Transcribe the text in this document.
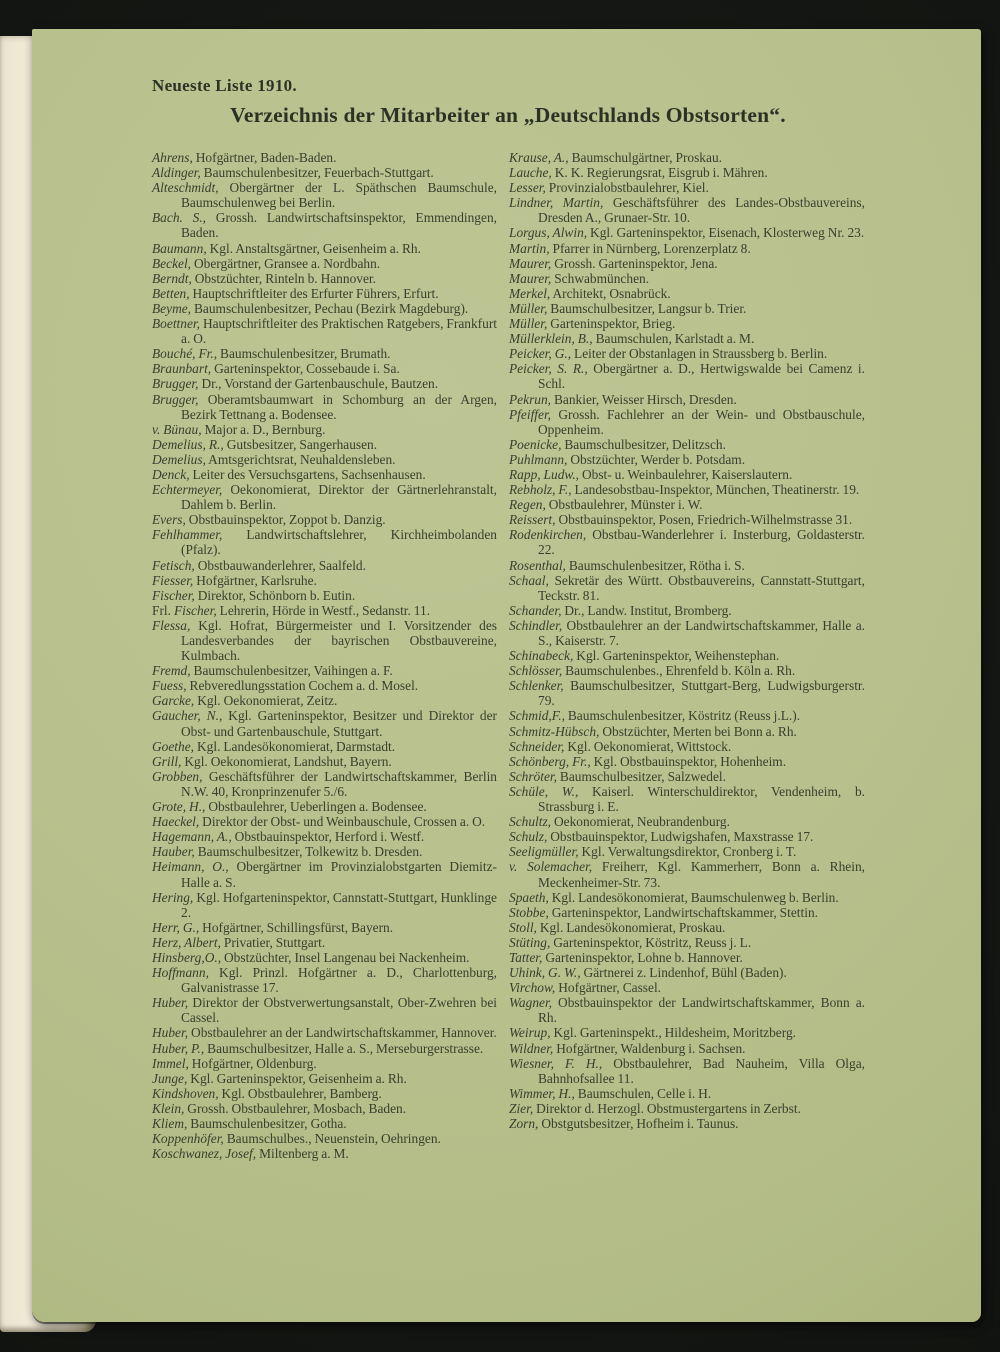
Neueste Liste 1910.
Verzeichnis der Mitarbeiter an „Deutschlands Obstsorten“.

Ahrens, Hofgärtner, Baden-Baden.

Aldinger, Baumschulenbesitzer, Feuerbach-Stuttgart.

Alteschmidt, Obergärtner der L. Späthschen Baumschule, Baumschulenweg bei Berlin.

Bach. S., Grossh. Landwirtschaftsinspektor, Emmendingen, Baden.

Baumann, Kgl. Anstaltsgärtner, Geisenheim a. Rh.

Beckel, Obergärtner, Gransee a. Nordbahn.

Berndt, Obstzüchter, Rinteln b. Hannover.

Betten, Hauptschriftleiter des Erfurter Führers, Erfurt.

Beyme, Baumschulenbesitzer, Pechau (Bezirk Magdeburg).

Boettner, Hauptschriftleiter des Praktischen Ratgebers, Frankfurt a. O.

Bouché, Fr., Baumschulenbesitzer, Brumath.

Braunbart, Garteninspektor, Cossebaude i. Sa.

Brugger, Dr., Vorstand der Gartenbauschule, Bautzen.

Brugger, Oberamtsbaumwart in Schomburg an der Argen, Bezirk Tettnang a. Bodensee.

v. Bünau, Major a. D., Bernburg.

Demelius, R., Gutsbesitzer, Sangerhausen.

Demelius, Amtsgerichtsrat, Neuhaldensleben.

Denck, Leiter des Versuchsgartens, Sachsenhausen.

Echtermeyer, Oekonomierat, Direktor der Gärtnerlehranstalt, Dahlem b. Berlin.

Evers, Obstbauinspektor, Zoppot b. Danzig.

Fehlhammer, Landwirtschaftslehrer, Kirchheimbolanden (Pfalz).

Fetisch, Obstbauwanderlehrer, Saalfeld.

Fiesser, Hofgärtner, Karlsruhe.

Fischer, Direktor, Schönborn b. Eutin.

Frl. Fischer, Lehrerin, Hörde in Westf., Sedanstr. 11.

Flessa, Kgl. Hofrat, Bürgermeister und I. Vorsitzender des Landesverbandes der bayrischen Obstbauvereine, Kulmbach.

Fremd, Baumschulenbesitzer, Vaihingen a. F.

Fuess, Rebveredlungsstation Cochem a. d. Mosel.

Garcke, Kgl. Oekonomierat, Zeitz.

Gaucher, N., Kgl. Garteninspektor, Besitzer und Direktor der Obst- und Gartenbauschule, Stuttgart.

Goethe, Kgl. Landesökonomierat, Darmstadt.

Grill, Kgl. Oekonomierat, Landshut, Bayern.

Grobben, Geschäftsführer der Landwirtschaftskammer, Berlin N.W. 40, Kronprinzenufer 5./6.

Grote, H., Obstbaulehrer, Ueberlingen a. Bodensee.

Haeckel, Direktor der Obst- und Weinbauschule, Crossen a. O.

Hagemann, A., Obstbauinspektor, Herford i. Westf.

Hauber, Baumschulbesitzer, Tolkewitz b. Dresden.

Heimann, O., Obergärtner im Provinzialobstgarten Diemitz-Halle a. S.

Hering, Kgl. Hofgarteninspektor, Cannstatt-Stuttgart, Hunklinge 2.

Herr, G., Hofgärtner, Schillingsfürst, Bayern.

Herz, Albert, Privatier, Stuttgart.

Hinsberg,O., Obstzüchter, Insel Langenau bei Nackenheim.

Hoffmann, Kgl. Prinzl. Hofgärtner a. D., Charlottenburg, Galvanistrasse 17.

Huber, Direktor der Obstverwertungsanstalt, Ober-Zwehren bei Cassel.

Huber, Obstbaulehrer an der Landwirtschaftskammer, Hannover.

Huber, P., Baumschulbesitzer, Halle a. S., Merseburgerstrasse.

Immel, Hofgärtner, Oldenburg.

Junge, Kgl. Garteninspektor, Geisenheim a. Rh.

Kindshoven, Kgl. Obstbaulehrer, Bamberg.

Klein, Grossh. Obstbaulehrer, Mosbach, Baden.

Kliem, Baumschulenbesitzer, Gotha.

Koppenhöfer, Baumschulbes., Neuenstein, Oehringen.

Koschwanez, Josef, Miltenberg a. M.

Krause, A., Baumschulgärtner, Proskau.

Lauche, K. K. Regierungsrat, Eisgrub i. Mähren.

Lesser, Provinzialobstbaulehrer, Kiel.

Lindner, Martin, Geschäftsführer des Landes-Obstbauvereins, Dresden A., Grunaer-Str. 10.

Lorgus, Alwin, Kgl. Garteninspektor, Eisenach, Klosterweg Nr. 23.

Martin, Pfarrer in Nürnberg, Lorenzerplatz 8.

Maurer, Grossh. Garteninspektor, Jena.

Maurer, Schwabmünchen.

Merkel, Architekt, Osnabrück.

Müller, Baumschulbesitzer, Langsur b. Trier.

Müller, Garteninspektor, Brieg.

Müllerklein, B., Baumschulen, Karlstadt a. M.

Peicker, G., Leiter der Obstanlagen in Straussberg b. Berlin.

Peicker, S. R., Obergärtner a. D., Hertwigswalde bei Camenz i. Schl.

Pekrun, Bankier, Weisser Hirsch, Dresden.

Pfeiffer, Grossh. Fachlehrer an der Wein- und Obstbauschule, Oppenheim.

Poenicke, Baumschulbesitzer, Delitzsch.

Puhlmann, Obstzüchter, Werder b. Potsdam.

Rapp, Ludw., Obst- u. Weinbaulehrer, Kaiserslautern.

Rebholz, F., Landesobstbau-Inspektor, München, Theatinerstr. 19.

Regen, Obstbaulehrer, Münster i. W.

Reissert, Obstbauinspektor, Posen, Friedrich-Wilhelmstrasse 31.

Rodenkirchen, Obstbau-Wanderlehrer i. Insterburg, Goldasterstr. 22.

Rosenthal, Baumschulenbesitzer, Rötha i. S.

Schaal, Sekretär des Württ. Obstbauvereins, Cannstatt-Stuttgart, Teckstr. 81.

Schander, Dr., Landw. Institut, Bromberg.

Schindler, Obstbaulehrer an der Landwirtschaftskammer, Halle a. S., Kaiserstr. 7.

Schinabeck, Kgl. Garteninspektor, Weihenstephan.

Schlösser, Baumschulenbes., Ehrenfeld b. Köln a. Rh.

Schlenker, Baumschulbesitzer, Stuttgart-Berg, Ludwigsburgerstr. 79.

Schmid,F., Baumschulenbesitzer, Köstritz (Reuss j.L.).

Schmitz-Hübsch, Obstzüchter, Merten bei Bonn a. Rh.

Schneider, Kgl. Oekonomierat, Wittstock.

Schönberg, Fr., Kgl. Obstbauinspektor, Hohenheim.

Schröter, Baumschulbesitzer, Salzwedel.

Schüle, W., Kaiserl. Winterschuldirektor, Vendenheim, b. Strassburg i. E.

Schultz, Oekonomierat, Neubrandenburg.

Schulz, Obstbauinspektor, Ludwigshafen, Maxstrasse 17.

Seeligmüller, Kgl. Verwaltungsdirektor, Cronberg i. T.

v. Solemacher, Freiherr, Kgl. Kammerherr, Bonn a. Rhein, Meckenheimer-Str. 73.

Spaeth, Kgl. Landesökonomierat, Baumschulenweg b. Berlin.

Stobbe, Garteninspektor, Landwirtschaftskammer, Stettin.

Stoll, Kgl. Landesökonomierat, Proskau.

Stüting, Garteninspektor, Köstritz, Reuss j. L.

Tatter, Garteninspektor, Lohne b. Hannover.

Uhink, G. W., Gärtnerei z. Lindenhof, Bühl (Baden).

Virchow, Hofgärtner, Cassel.

Wagner, Obstbauinspektor der Landwirtschaftskammer, Bonn a. Rh.

Weirup, Kgl. Garteninspekt., Hildesheim, Moritzberg.

Wildner, Hofgärtner, Waldenburg i. Sachsen.

Wiesner, F. H., Obstbaulehrer, Bad Nauheim, Villa Olga, Bahnhofsallee 11.

Wimmer, H., Baumschulen, Celle i. H.

Zier, Direktor d. Herzogl. Obstmustergartens in Zerbst.

Zorn, Obstgutsbesitzer, Hofheim i. Taunus.
